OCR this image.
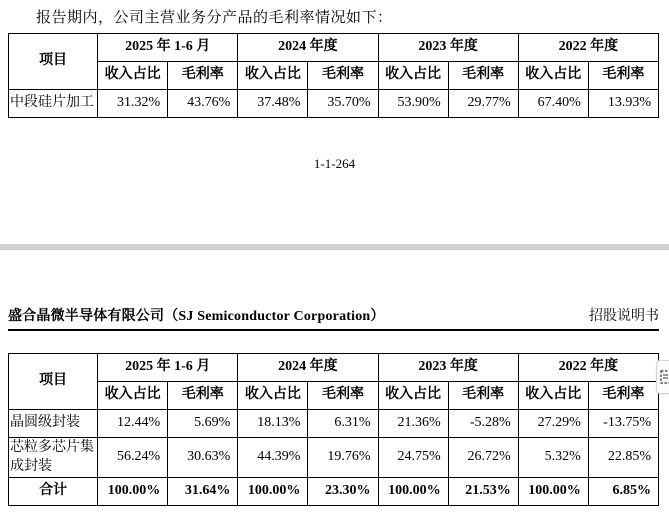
报告期内，公司主营业务分产品的毛利率情况如下：
项目	2025 年 1-6 月		2024 年度		2023 年度		2022 年度	
	收入占比	毛利率	收入占比	毛利率	收入占比	毛利率	收入占比	毛利率
中段硅片加工	31.32%	43.76%	37.48%	35.70%	53.90%	29.77%	67.40%	13.93%
1-1-264
盛合晶微半导体有限公司（SJ Semiconductor Corporation）	招股说明书
项目	2025 年 1-6 月		2024 年度		2023 年度		2022 年度	
	收入占比	毛利率	收入占比	毛利率	收入占比	毛利率	收入占比	毛利率
晶圆级封装	12.44%	5.69%	18.13%	6.31%	21.36%	-5.28%	27.29%	-13.75%
芯粒多芯片集成封装	56.24%	30.63%	44.39%	19.76%	24.75%	26.72%	5.32%	22.85%
合计	100.00%	31.64%	100.00%	23.30%	100.00%	21.53%	100.00%	6.85%
